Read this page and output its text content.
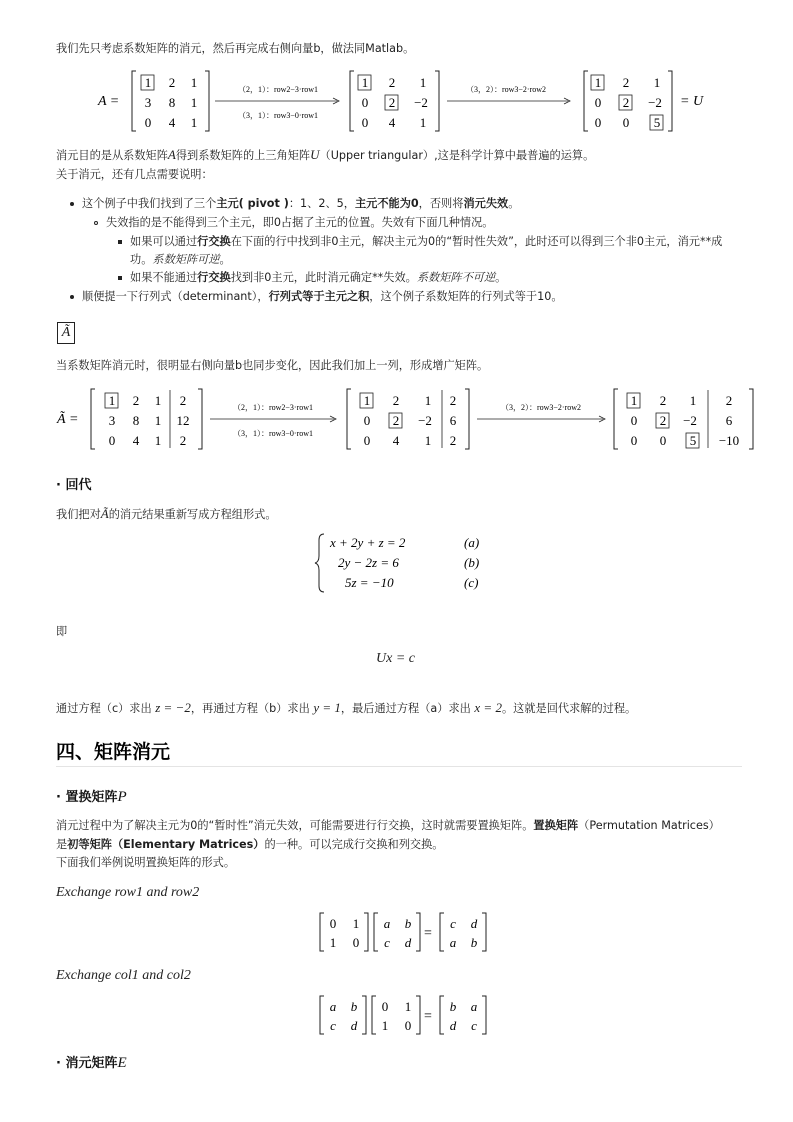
我们先只考虑系数矩阵的消元，然后再完成右侧向量b，做法同Matlab。
A =
1 2 1
3 8 1
0 4 1
（2，1）：row2−3·row1
（3，1）：row3−0·row1
1 2 1
0 2 −2
0 4 1
（3，2）：row3−2·row2	1 2 1
0 2 −2
0 0 5
= U
消元目的是从系数矩阵A得到系数矩阵的上三角矩阵U（Upper triangular）,这是科学计算中最普遍的运算。
关于消元，还有几点需要说明：
这个例子中我们找到了三个主元( pivot )：1、2、5，主元不能为0，否则将消元失效。
失效指的是不能得到三个主元，即0占据了主元的位置。失效有下面几种情况。
如果可以通过行交换在下面的行中找到非0主元，解决主元为0的“暂时性失效”，此时还可以得到三个非0主元，消元**成
功。系数矩阵可逆。
如果不能通过行交换找到非0主元，此时消元确定**失效。系数矩阵不可逆。
顺便提一下行列式（determinant），行列式等于主元之积，这个例子系数矩阵的行列式等于10。
Ã
当系数矩阵消元时，很明显右侧向量b也同步变化，因此我们加上一列，形成增广矩阵。
Ã =
1 2 1 2
3 8 1 12
0 4 1 2
（2，1）：row2−3·row1
（3，1）：row3−0·row1
1 2 1 2
0 2 −2 6
0 4 1 2
（3，2）：row3−2·row2	1 2 1 2
0 2 −2 6
0 0 5 −10
· 回代
我们把对Ã的消元结果重新写成方程组形式。
x + 2y + z = 2	(a)
2y − 2z = 6	(b)
5z = −10	(c)
即
Ux = c
通过方程（c）求出 z = −2，再通过方程（b）求出 y = 1，最后通过方程（a）求出 x = 2。这就是回代求解的过程。
四、矩阵消元
· 置换矩阵P
消元过程中为了解决主元为0的“暂时性”消元失效，可能需要进行行交换，这时就需要置换矩阵。置换矩阵（Permutation Matrices）
是初等矩阵（Elementary Matrices）的一种。可以完成行交换和列交换。
下面我们举例说明置换矩阵的形式。
Exchange row1 and row2
0 1
1 0
a b
c d
=
c d
a b
Exchange col1 and col2
a b
c d
0 1
1 0
=
b a
d c
· 消元矩阵E
